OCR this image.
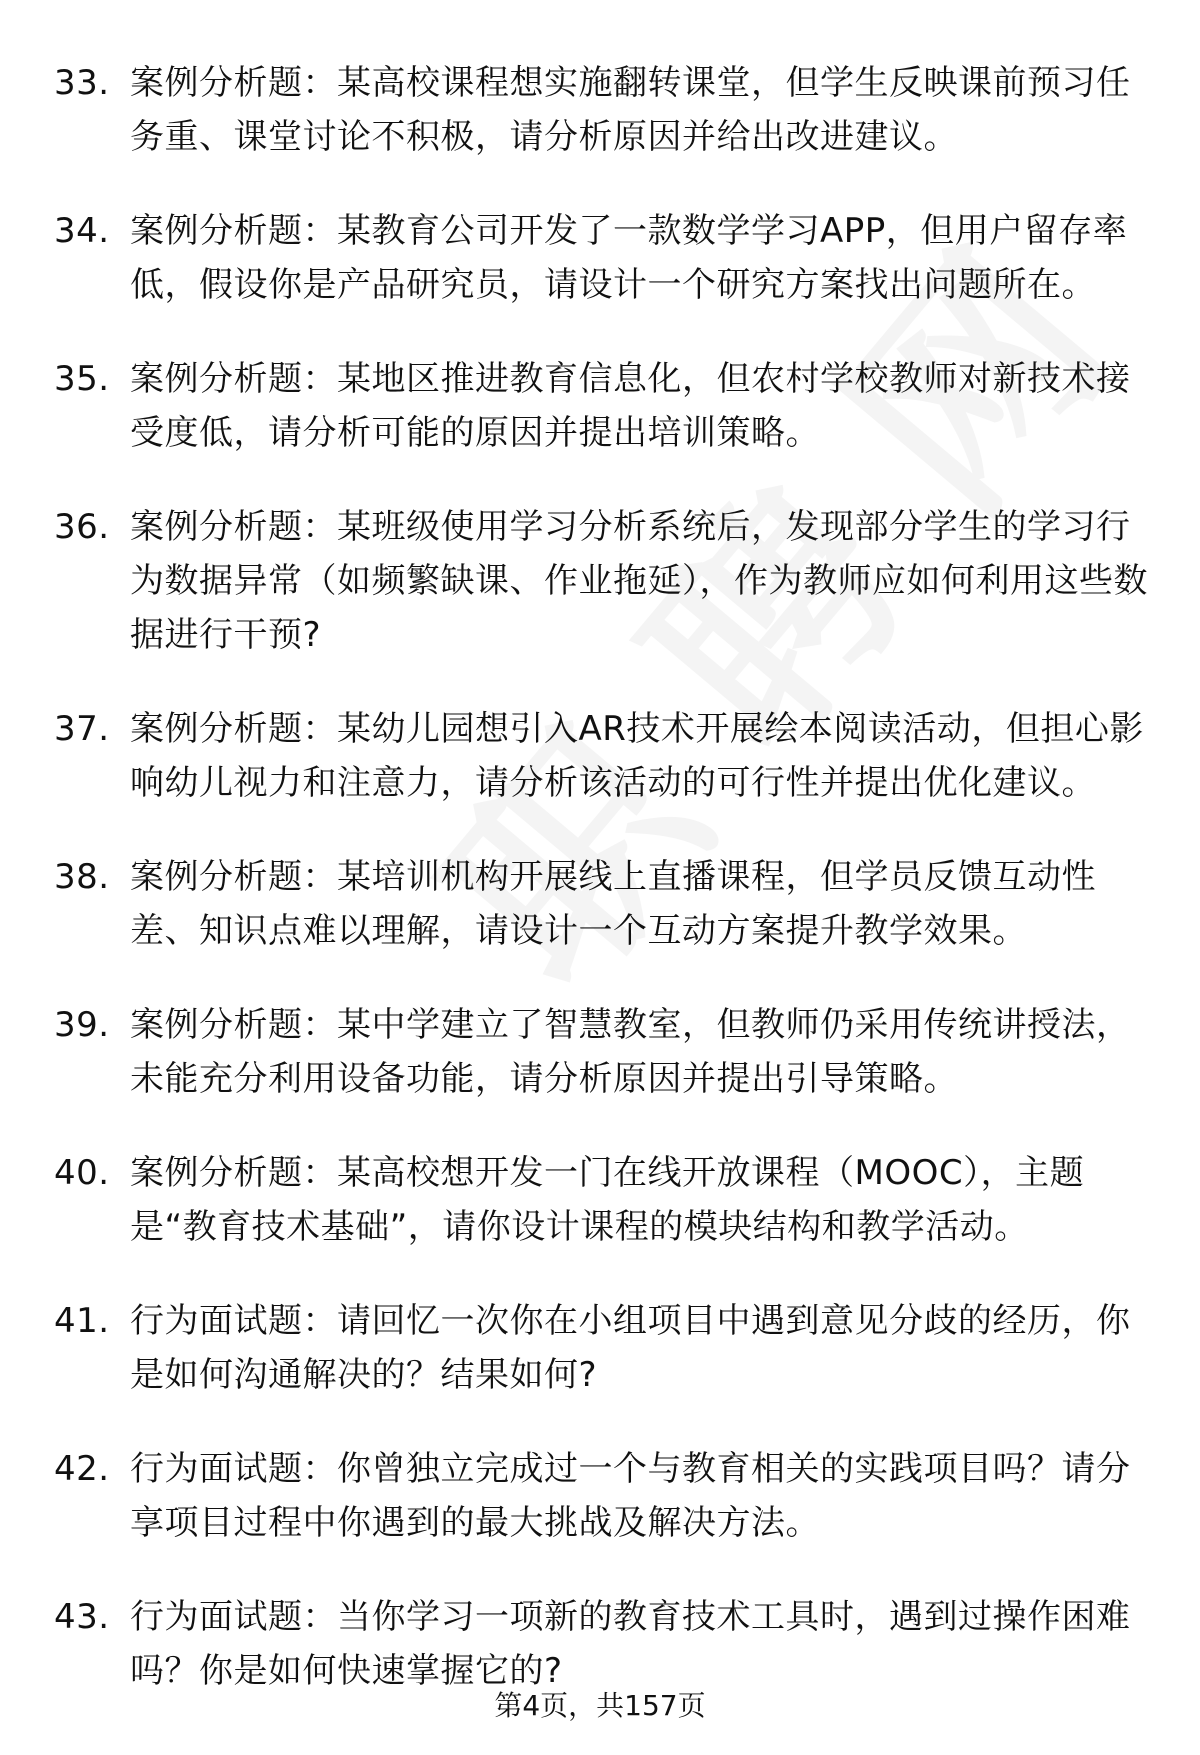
33. 案例分析题：某高校课程想实施翻转课堂，但学生反映课前预习任务重、课堂讨论不积极，请分析原因并给出改进建议。
34. 案例分析题：某教育公司开发了一款数学学习APP，但用户留存率低，假设你是产品研究员，请设计一个研究方案找出问题所在。
35. 案例分析题：某地区推进教育信息化，但农村学校教师对新技术接受度低，请分析可能的原因并提出培训策略。
36. 案例分析题：某班级使用学习分析系统后，发现部分学生的学习行为数据异常（如频繁缺课、作业拖延），作为教师应如何利用这些数据进行干预?
37. 案例分析题：某幼儿园想引入AR技术开展绘本阅读活动，但担心影响幼儿视力和注意力，请分析该活动的可行性并提出优化建议。
38. 案例分析题：某培训机构开展线上直播课程，但学员反馈互动性差、知识点难以理解，请设计一个互动方案提升教学效果。
39. 案例分析题：某中学建立了智慧教室，但教师仍采用传统讲授法，未能充分利用设备功能，请分析原因并提出引导策略。
40. 案例分析题：某高校想开发一门在线开放课程（MOOC），主题是“教育技术基础”，请你设计课程的模块结构和教学活动。
41. 行为面试题：请回忆一次你在小组项目中遇到意见分歧的经历，你是如何沟通解决的？结果如何?
42. 行为面试题：你曾独立完成过一个与教育相关的实践项目吗？请分享项目过程中你遇到的最大挑战及解决方法。
43. 行为面试题：当你学习一项新的教育技术工具时，遇到过操作困难吗？你是如何快速掌握它的?
第4页，共157页
